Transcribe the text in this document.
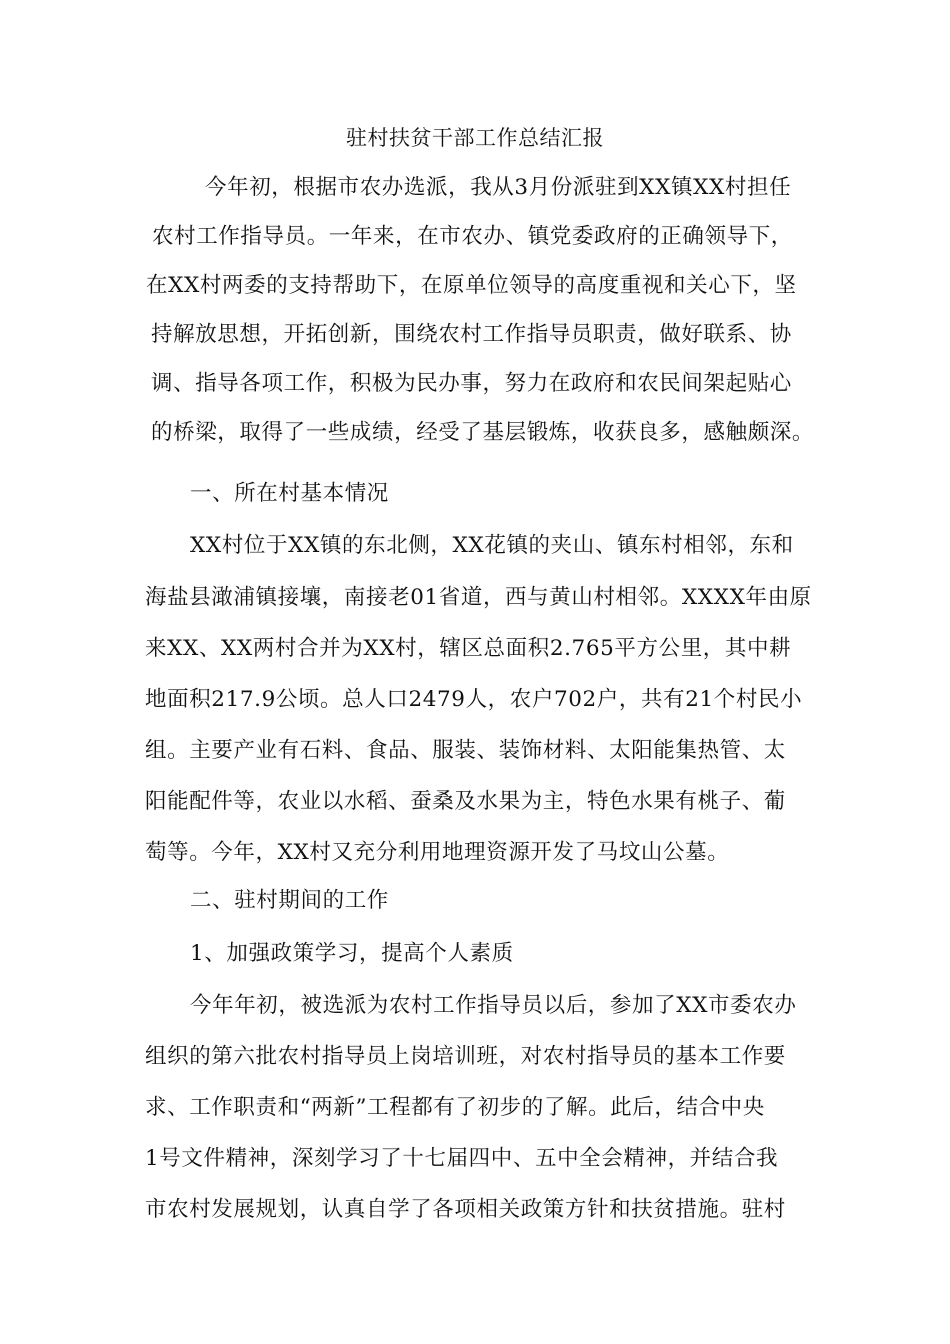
驻村扶贫干部工作总结汇报
今年初，根据市农办选派，我从3月份派驻到XX镇XX村担任
农村工作指导员。一年来，在市农办、镇党委政府的正确领导下，
在XX村两委的支持帮助下，在原单位领导的高度重视和关心下，坚
持解放思想，开拓创新，围绕农村工作指导员职责，做好联系、协
调、指导各项工作，积极为民办事，努力在政府和农民间架起贴心
的桥梁，取得了一些成绩，经受了基层锻炼，收获良多，感触颇深。
一、所在村基本情况
XX村位于XX镇的东北侧，XX花镇的夹山、镇东村相邻，东和
海盐县澉浦镇接壤，南接老01省道，西与黄山村相邻。XXXX年由原
来XX、XX两村合并为XX村，辖区总面积2.765平方公里，其中耕
地面积217.9公顷。总人口2479人，农户702户，共有21个村民小
组。主要产业有石料、食品、服装、装饰材料、太阳能集热管、太
阳能配件等，农业以水稻、蚕桑及水果为主，特色水果有桃子、葡
萄等。今年，XX村又充分利用地理资源开发了马坟山公墓。
二、驻村期间的工作
1、加强政策学习，提高个人素质
今年年初，被选派为农村工作指导员以后，参加了XX市委农办
组织的第六批农村指导员上岗培训班，对农村指导员的基本工作要
求、工作职责和“两新”工程都有了初步的了解。此后，结合中央
1号文件精神，深刻学习了十七届四中、五中全会精神，并结合我
市农村发展规划，认真自学了各项相关政策方针和扶贫措施。驻村
